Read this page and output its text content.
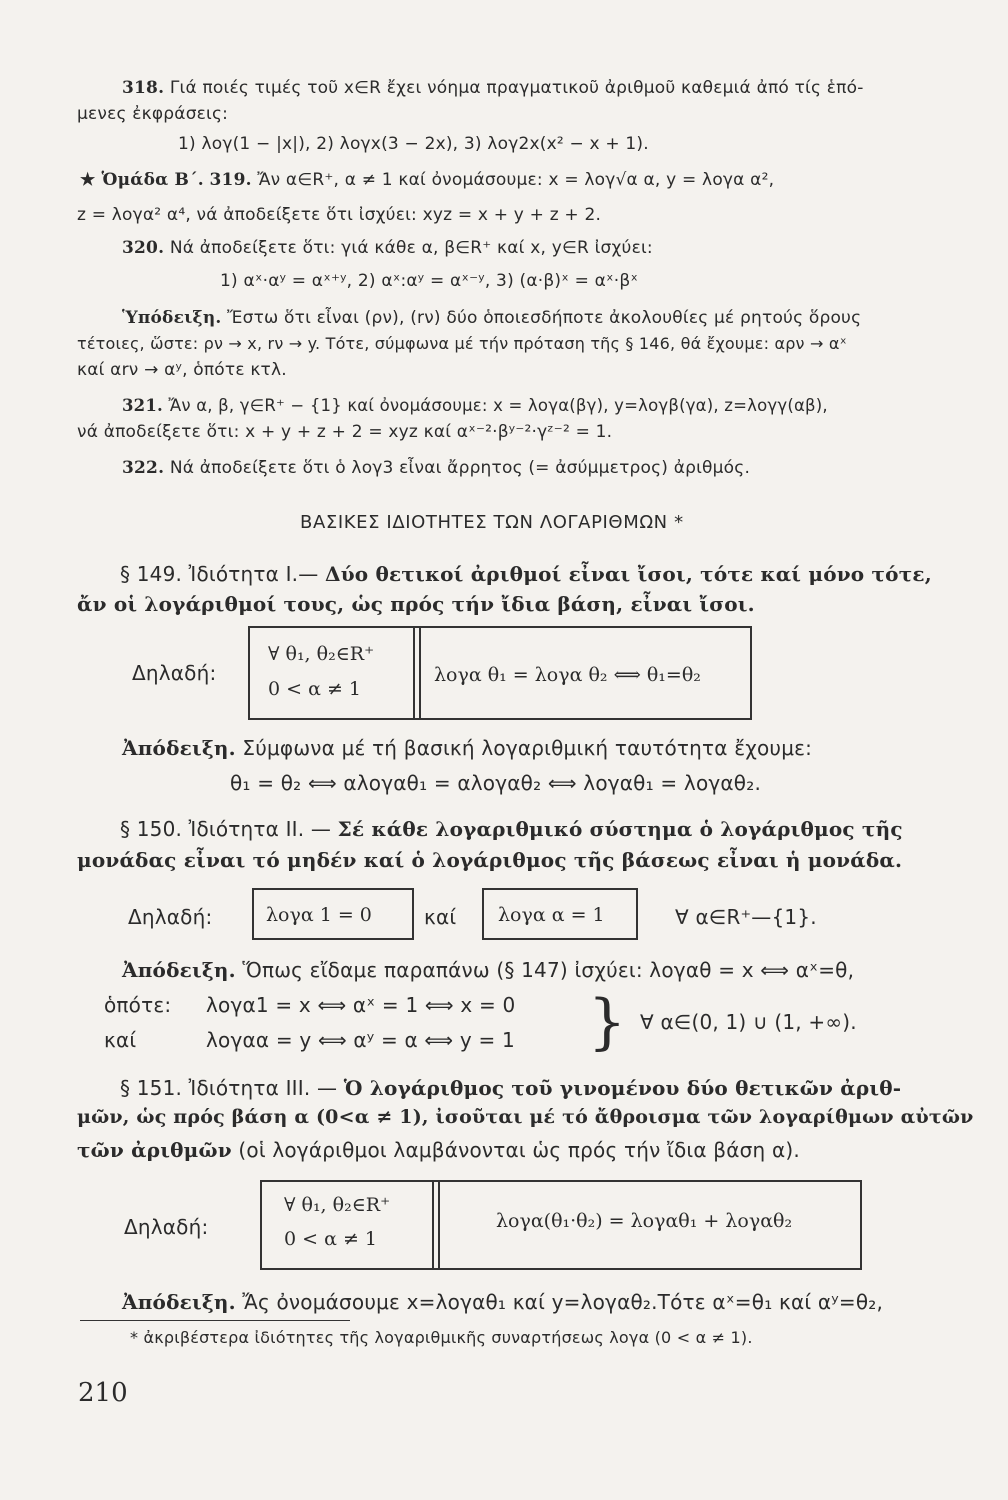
318. Γιά ποιές τιμές τοῦ x∈R ἔχει νόημα πραγματικοῦ ἀριθμοῦ καθεμιά ἀπό τίς ἑπό-
μενες ἐκφράσεις:
1) λογ(1 − |x|), 2) λογx(3 − 2x), 3) λογ2x(x² − x + 1).
★ Ὁμάδα Β΄. 319. Ἄν α∈R⁺, α ≠ 1 καί ὀνομάσουμε: x = λογ√α α, y = λογα α²,
z = λογα² α⁴, νά ἀποδείξετε ὅτι ἰσχύει: xyz = x + y + z + 2.
320. Νά ἀποδείξετε ὅτι: γιά κάθε α, β∈R⁺ καί x, y∈R ἰσχύει:
1) αˣ·αʸ = αˣ⁺ʸ, 2) αˣ:αʸ = αˣ⁻ʸ, 3) (α·β)ˣ = αˣ·βˣ
Ὑπόδειξη. Ἔστω ὅτι εἶναι (ρν), (rν) δύο ὁποιεσδήποτε ἀκολουθίες μέ ρητούς ὅρους
τέτοιες, ὥστε: ρν → x, rν → y. Τότε, σύμφωνα μέ τήν πρόταση τῆς § 146, θά ἔχουμε: αρν → αˣ
καί αrν → αʸ, ὁπότε κτλ.
321. Ἄν α, β, γ∈R⁺ − {1} καί ὀνομάσουμε: x = λογα(βγ), y=λογβ(γα), z=λογγ(αβ),
νά ἀποδείξετε ὅτι: x + y + z + 2 = xyz καί αˣ⁻²·βʸ⁻²·γᶻ⁻² = 1.
322. Νά ἀποδείξετε ὅτι ὁ λογ3 εἶναι ἄρρητος (= ἀσύμμετρος) ἀριθμός.
ΒΑΣΙΚΕΣ ΙΔΙΟΤΗΤΕΣ ΤΩΝ ΛΟΓΑΡΙΘΜΩΝ *
§ 149. Ἰδιότητα Ι.— Δύο θετικοί ἀριθμοί εἶναι ἴσοι, τότε καί μόνο τότε,
ἄν οἱ λογάριθμοί τους, ὡς πρός τήν ἴδια βάση, εἶναι ἴσοι.
Δηλαδή:
∀ θ₁, θ₂∈R⁺
0 < α ≠ 1
λογα θ₁ = λογα θ₂ ⟺ θ₁=θ₂
Ἀπόδειξη. Σύμφωνα μέ τή βασική λογαριθμική ταυτότητα ἔχουμε:
θ₁ = θ₂ ⟺ αλογαθ₁ = αλογαθ₂ ⟺ λογαθ₁ = λογαθ₂.
§ 150. Ἰδιότητα ΙΙ. — Σέ κάθε λογαριθμικό σύστημα ὁ λογάριθμος τῆς
μονάδας εἶναι τό μηδέν καί ὁ λογάριθμος τῆς βάσεως εἶναι ἡ μονάδα.
Δηλαδή:	λογα 1 = 0	καί λογα α = 1	∀ α∈R⁺—{1}.
Ἀπόδειξη. Ὅπως εἴδαμε παραπάνω (§ 147) ἰσχύει: λογαθ = x ⟺ αˣ=θ,
ὁπότε: λογα1 = x ⟺ αˣ = 1 ⟺ x = 0
καί	λογαα = y ⟺ αʸ = α ⟺ y = 1 } ∀ α∈(0, 1) ∪ (1, +∞).
§ 151. Ἰδιότητα ΙΙΙ. — Ὁ λογάριθμος τοῦ γινομένου δύο θετικῶν ἀριθ-
μῶν, ὡς πρός βάση α (0<α ≠ 1), ἰσοῦται μέ τό ἄθροισμα τῶν λογαρίθμων αὐτῶν
τῶν ἀριθμῶν (οἱ λογάριθμοι λαμβάνονται ὡς πρός τήν ἴδια βάση α).
Δηλαδή:
∀ θ₁, θ₂∈R⁺
0 < α ≠ 1
λογα(θ₁·θ₂) = λογαθ₁ + λογαθ₂
Ἀπόδειξη. Ἄς ὀνομάσουμε x=λογαθ₁ καί y=λογαθ₂.Τότε αˣ=θ₁ καί αʸ=θ₂,
* ἀκριβέστερα ἰδιότητες τῆς λογαριθμικῆς συναρτήσεως λογα (0 < α ≠ 1).
210
